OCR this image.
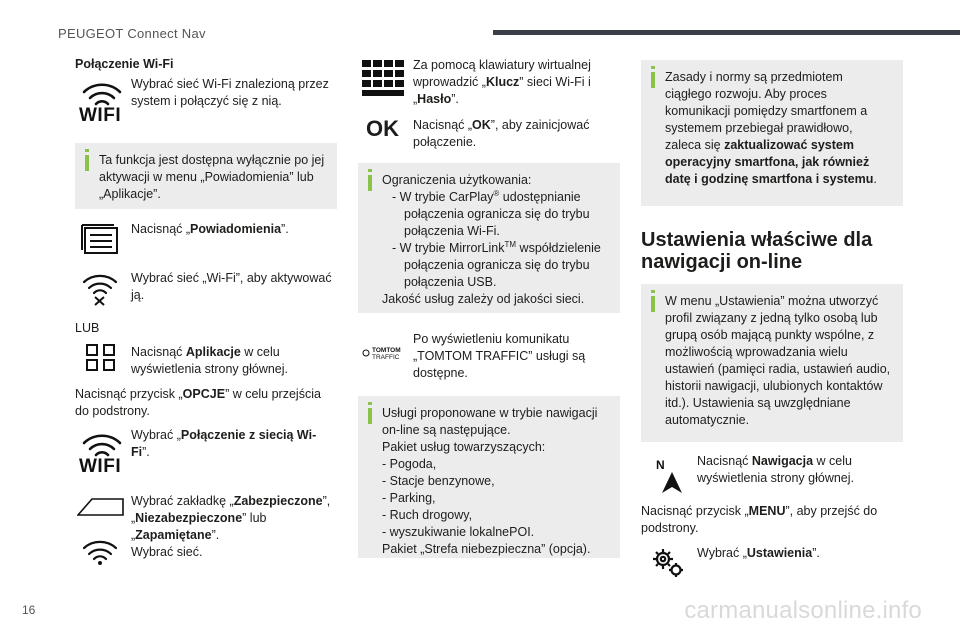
PEUGEOT Connect Nav
Połączenie Wi-Fi
WIFI
Wybrać sieć Wi-Fi znalezioną przez system i połączyć się z nią.
Ta funkcja jest dostępna wyłącznie po jej aktywacji w menu „Powiadomienia” lub „Aplikacje”.
Nacisnąć „Powiadomienia”.
Wybrać sieć „Wi-Fi”, aby aktywować ją.
LUB
Nacisnąć Aplikacje w celu wyświetlenia strony głównej.
Nacisnąć przycisk „OPCJE” w celu przejścia do podstrony.
WIFI
Wybrać „Połączenie z siecią Wi-Fi”.
Wybrać zakładkę „Zabezpieczone”, „Niezabezpieczone” lub „Zapamiętane”.
Wybrać sieć.
Za pomocą klawiatury wirtualnej wprowadzić „Klucz” sieci Wi-Fi i „Hasło”.
OK Nacisnąć „OK”, aby zainicjować połączenie.
Ograniczenia użytkowania:
- W trybie CarPlay® udostępnianie połączenia ogranicza się do trybu połączenia Wi-Fi.
- W trybie MirrorLink™ współdzielenie połączenia ogranicza się do trybu połączenia USB.
Jakość usług zależy od jakości sieci.
TOMTOM
TRAFFIC
Po wyświetleniu komunikatu „TOMTOM TRAFFIC” usługi są dostępne.
Usługi proponowane w trybie nawigacji on-line są następujące.
Pakiet usług towarzyszących:
- Pogoda,
- Stacje benzynowe,
- Parking,
- Ruch drogowy,
- wyszukiwanie lokalnePOI.
Pakiet „Strefa niebezpieczna” (opcja).
Zasady i normy są przedmiotem ciągłego rozwoju. Aby proces komunikacji pomiędzy smartfonem a systemem przebiegał prawidłowo, zaleca się zaktualizować system operacyjny smartfona, jak również datę i godzinę smartfona i systemu.
Ustawienia właściwe dla nawigacji on-line
W menu „Ustawienia” można utworzyć profil związany z jedną tylko osobą lub grupą osób mającą punkty wspólne, z możliwością wprowadzania wielu ustawień (pamięci radia, ustawień audio, historii nawigacji, ulubionych kontaktów itd.). Ustawienia są uwzględniane automatycznie.
N	Nacisnąć Nawigacja w celu wyświetlenia strony głównej.
Nacisnąć przycisk „MENU”, aby przejść do podstrony.
Wybrać „Ustawienia”.
16	carmanualsonline.info
